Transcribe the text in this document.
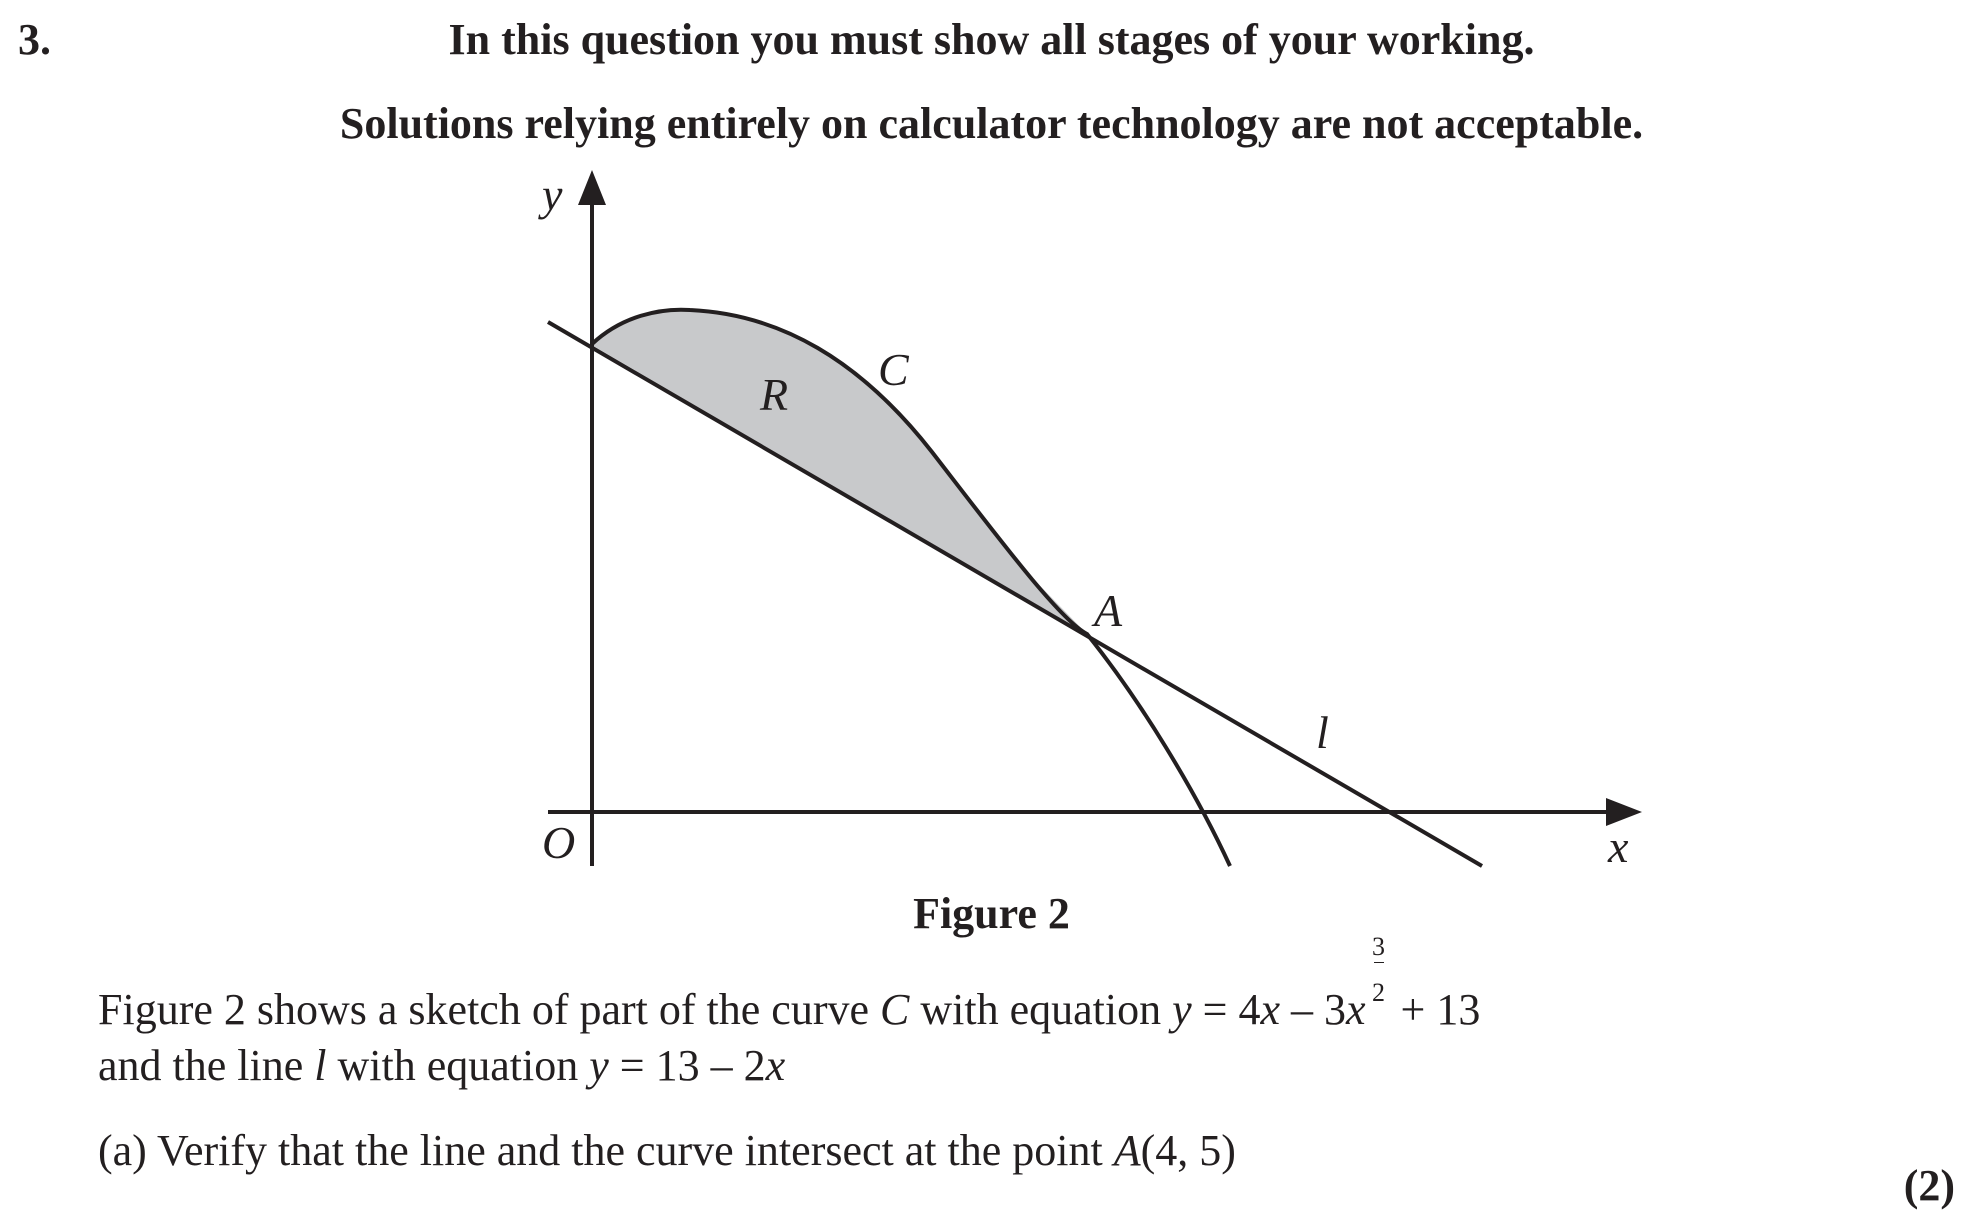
3.	In this question you must show all stages of your working.
Solutions relying entirely on calculator technology are not acceptable.
y
x
O
C
l
R
A
Figure 2
Figure 2 shows a sketch of part of the curve C with equation $y = 4x - 3x \frac{3}{2} + 13$
and the line l with equation y = 13 – 2x
(a) Verify that the line and the curve intersect at the point A(4, 5)
(2)
